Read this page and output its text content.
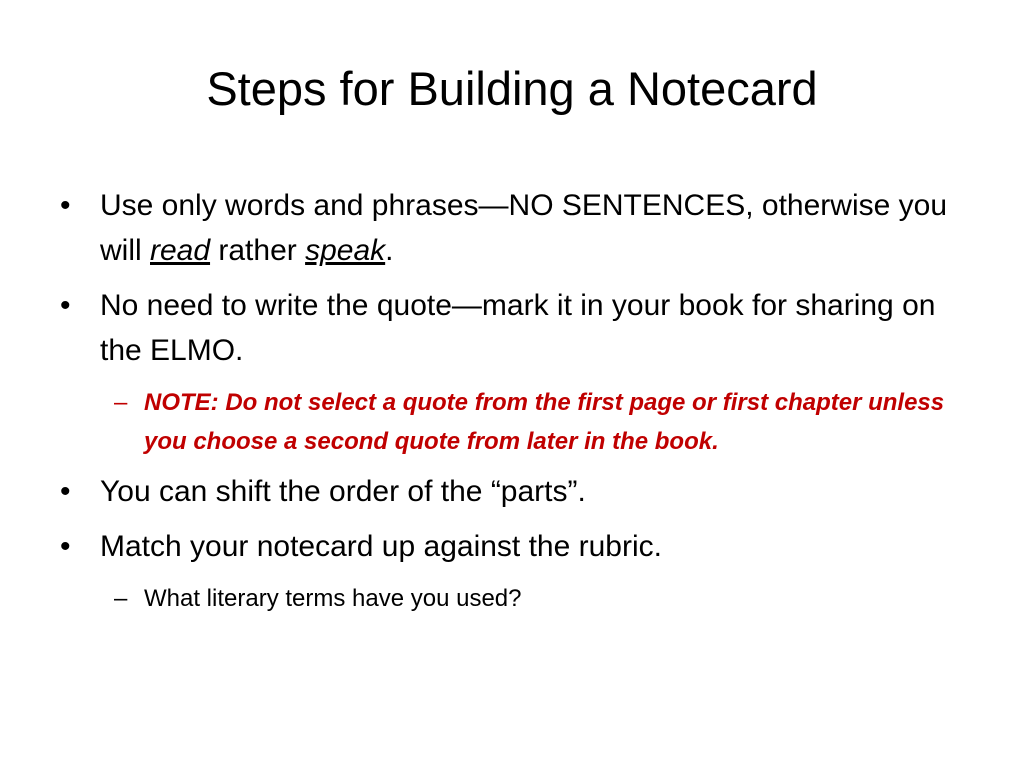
Steps for Building a Notecard
• Use only words and phrases—NO SENTENCES, otherwise you will read rather speak.
• No need to write the quote—mark it in your book for sharing on the ELMO.
– NOTE: Do not select a quote from the first page or first chapter unless you choose a second quote from later in the book.
• You can shift the order of the “parts”.
• Match your notecard up against the rubric.
– What literary terms have you used?
